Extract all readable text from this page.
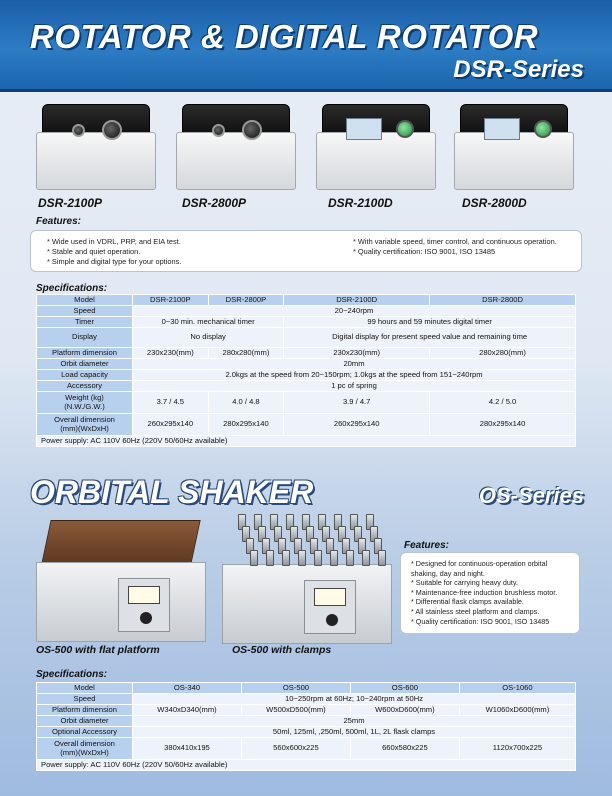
ROTATOR & DIGITAL ROTATOR
DSR-Series
DSR-2100P	DSR-2800P	DSR-2100D	DSR-2800D
Features:
* Wide used in VDRL, PRP, and EIA test.
* Stable and quiet operation.
* Simple and digital type for your options.
* With variable speed, timer control, and continuous operation.
* Quality certification: ISO 9001, ISO 13485
Specifications:
Model	DSR-2100P	DSR-2800P	DSR-2100D	DSR-2800D
Speed	20~240rpm			
Timer	0~30 min. mechanical timer		99 hours and 59 minutes digital timer	
Display	No display		Digital display for present speed value and remaining time	
Platform dimension	230x230(mm)	280x280(mm)	230x230(mm)	280x280(mm)
Orbit diameter	20mm			
Load capacity	2.0kgs at the speed from 20~150rpm; 1.0kgs at the speed from 151~240rpm			
Accessory	1 pc of spring			

Weight (kg)
(N.W./G.W.)	3.7 / 4.5	4.0 / 4.8	3.9 / 4.7	4.2 / 5.0

Overall dimension
(mm)(WxDxH)	260x295x140	280x295x140	260x295x140	280x295x140
Power supply: AC 110V 60Hz (220V 50/60Hz available)				
ORBITAL SHAKER	OS-Series
OS-500 with flat platform	OS-500 with clamps
Features:
* Designed for continuous-operation orbital
shaking, day and night.
* Suitable for carrying heavy duty.
* Maintenance-free induction brushless motor.
* Differential flask clamps available.
* All stainless steel platform and clamps.
* Quality certification: ISO 9001, ISO 13485
Specifications:
Model	OS-340	OS-500	OS-600	OS-1060
Speed	10~250rpm at 60Hz; 10~240rpm at 50Hz			
Platform dimension	W340xD340(mm)	W500xD500(mm)	W600xD600(mm)	W1060xD600(mm)
Orbit diameter	25mm			
Optional Accessory	50ml, 125ml, ,250ml, 500ml, 1L, 2L flask clamps			

Overall dimension
(mm)(WxDxH)	380x410x195	560x600x225	660x580x225	1120x700x225
Power supply: AC 110V 60Hz (220V 50/60Hz available)				
